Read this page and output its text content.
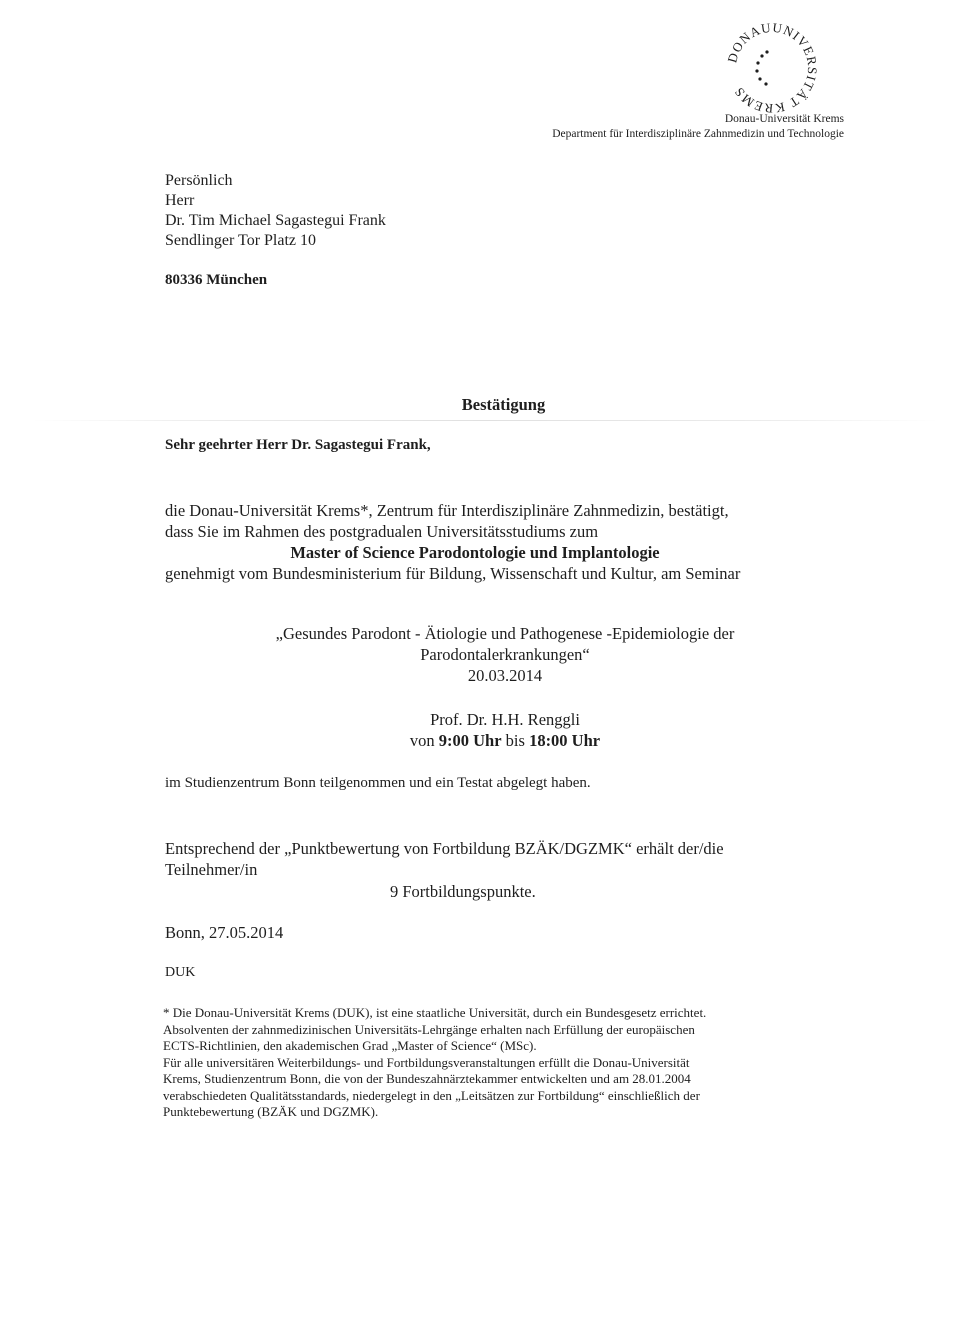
DONAUUNIVERSITÄT KREMS
Donau-Universität Krems
Department für Interdisziplinäre Zahnmedizin und Technologie
Persönlich
Herr
Dr. Tim Michael Sagastegui Frank
Sendlinger Tor Platz 10
80336 München
Bestätigung
Sehr geehrter Herr Dr. Sagastegui Frank,
die Donau-Universität Krems*, Zentrum für Interdisziplinäre Zahnmedizin, bestätigt,
dass Sie im Rahmen des postgradualen Universitätsstudiums zum
Master of Science Parodontologie und Implantologie
genehmigt vom Bundesministerium für Bildung, Wissenschaft und Kultur, am Seminar
„Gesundes Parodont - Ätiologie und Pathogenese -Epidemiologie der
Parodontalerkrankungen“
20.03.2014
Prof. Dr. H.H. Renggli
von 9:00 Uhr bis 18:00 Uhr
im Studienzentrum Bonn teilgenommen und ein Testat abgelegt haben.
Entsprechend der „Punktbewertung von Fortbildung BZÄK/DGZMK“ erhält der/die
Teilnehmer/in
9 Fortbildungspunkte.
Bonn, 27.05.2014
DUK

* Die Donau-Universität Krems (DUK), ist eine staatliche Universität, durch ein Bundesgesetz errichtet.

Absolventen der zahnmedizinischen Universitäts-Lehrgänge erhalten nach Erfüllung der europäischen

ECTS-Richtlinien, den akademischen Grad „Master of Science“ (MSc).

Für alle universitären Weiterbildungs- und Fortbildungsveranstaltungen erfüllt die Donau-Universität

Krems, Studienzentrum Bonn, die von der Bundeszahnärztekammer entwickelten und am 28.01.2004

verabschiedeten Qualitätsstandards, niedergelegt in den „Leitsätzen zur Fortbildung“ einschließlich der

Punktebewertung (BZÄK und DGZMK).
